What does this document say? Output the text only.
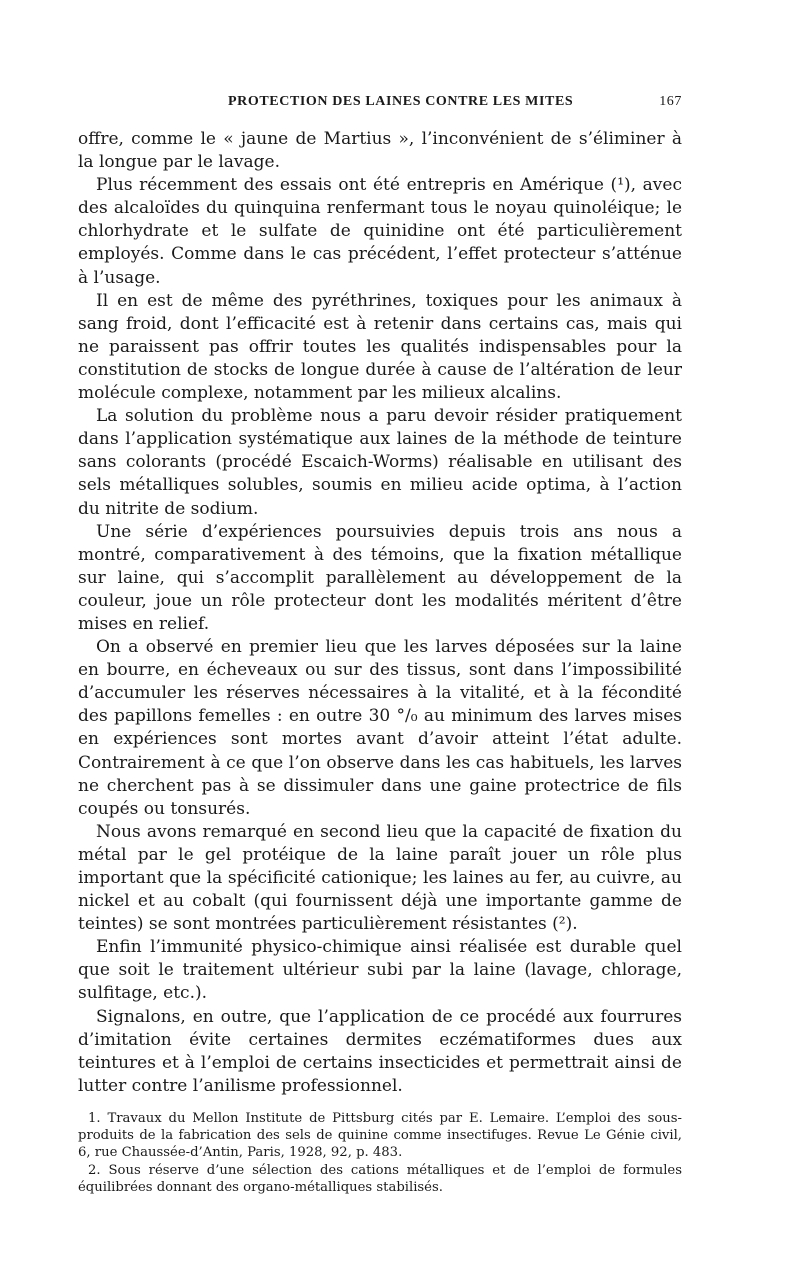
PROTECTION DES LAINES CONTRE LES MITES	167

offre, comme le « jaune de Martius », l’inconvénient de s’éliminer à la longue par le lavage.

Plus récemment des essais ont été entrepris en Amérique (¹), avec des alcaloïdes du quinquina renfermant tous le noyau quinoléique; le chlorhydrate et le sulfate de quinidine ont été particulièrement employés. Comme dans le cas précédent, l’effet protecteur s’atténue à l’usage.

Il en est de même des pyréthrines, toxiques pour les animaux à sang froid, dont l’efficacité est à retenir dans certains cas, mais qui ne paraissent pas offrir toutes les qualités indispensables pour la constitution de stocks de longue durée à cause de l’altération de leur molécule complexe, notamment par les milieux alcalins.

La solution du problème nous a paru devoir résider pratiquement dans l’application systématique aux laines de la méthode de teinture sans colorants (procédé Escaich-Worms) réalisable en utilisant des sels métalliques solubles, soumis en milieu acide optima, à l’action du nitrite de sodium.

Une série d’expériences poursuivies depuis trois ans nous a montré, comparativement à des témoins, que la fixation métallique sur laine, qui s’accomplit parallèlement au développement de la couleur, joue un rôle protecteur dont les modalités méritent d’être mises en relief.

On a observé en premier lieu que les larves déposées sur la laine en bourre, en écheveaux ou sur des tissus, sont dans l’impossibilité d’accumuler les réserves nécessaires à la vitalité, et à la fécondité des papillons femelles : en outre 30 °/₀ au minimum des larves mises en expériences sont mortes avant d’avoir atteint l’état adulte. Contrairement à ce que l’on observe dans les cas habituels, les larves ne cherchent pas à se dissimuler dans une gaine protectrice de fils coupés ou tonsurés.

Nous avons remarqué en second lieu que la capacité de fixation du métal par le gel protéique de la laine paraît jouer un rôle plus important que la spécificité cationique; les laines au fer, au cuivre, au nickel et au cobalt (qui fournissent déjà une importante gamme de teintes) se sont montrées particulièrement résistantes (²).

Enfin l’immunité physico-chimique ainsi réalisée est durable quel que soit le traitement ultérieur subi par la laine (lavage, chlorage, sulfitage, etc.).

Signalons, en outre, que l’application de ce procédé aux fourrures d’imitation évite certaines dermites eczématiformes dues aux teintures et à l’emploi de certains insecticides et permettrait ainsi de lutter contre l’anilisme professionnel.

1. Travaux du Mellon Institute de Pittsburg cités par E. Lemaire. L’emploi des sous-produits de la fabrication des sels de quinine comme insectifuges. Revue Le Génie civil, 6, rue Chaussée-d’Antin, Paris, 1928, 92, p. 483.

2. Sous réserve d’une sélection des cations métalliques et de l’emploi de formules équilibrées donnant des organo-métalliques stabilisés.
